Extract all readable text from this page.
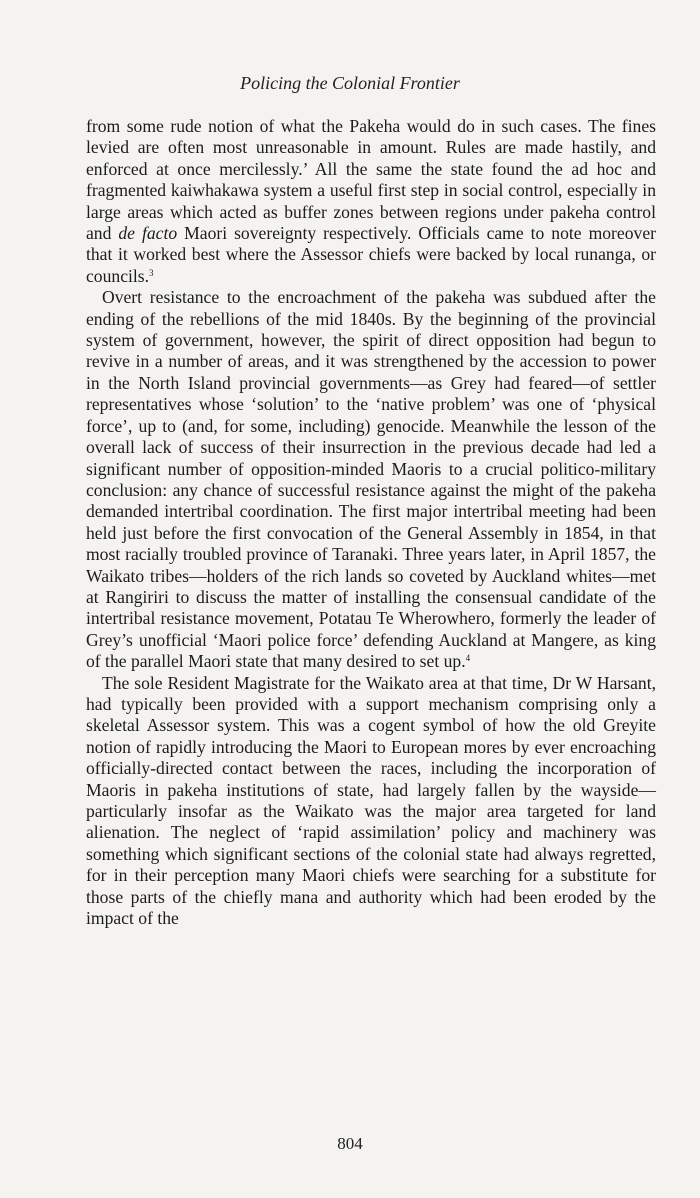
Policing the Colonial Frontier

from some rude notion of what the Pakeha would do in such cases. The fines levied are often most unreasonable in amount. Rules are made hastily, and enforced at once mercilessly.’ All the same the state found the ad hoc and fragmented kaiwhakawa system a useful first step in social control, especially in large areas which acted as buffer zones between regions under pakeha control and de facto Maori sovereignty respectively. Officials came to note moreover that it worked best where the Assessor chiefs were backed by local runanga, or councils.$^3$

Overt resistance to the encroachment of the pakeha was subdued after the ending of the rebellions of the mid 1840s. By the beginning of the provincial system of government, however, the spirit of direct opposition had begun to revive in a number of areas, and it was strengthened by the accession to power in the North Island provincial governments—as Grey had feared—of settler representatives whose ‘solution’ to the ‘native problem’ was one of ‘physical force’, up to (and, for some, including) genocide. Meanwhile the lesson of the overall lack of success of their insurrection in the previous decade had led a significant number of opposition-minded Maoris to a crucial politico-military conclusion: any chance of successful resistance against the might of the pakeha demanded intertribal coordination. The first major intertribal meeting had been held just before the first convocation of the General Assembly in 1854, in that most racially troubled province of Taranaki. Three years later, in April 1857, the Waikato tribes—holders of the rich lands so coveted by Auckland whites—met at Rangiriri to discuss the matter of installing the consensual candidate of the intertribal resistance movement, Potatau Te Wherowhero, formerly the leader of Grey’s unofficial ‘Maori police force’ defending Auckland at Mangere, as king of the parallel Maori state that many desired to set up.$^4$

The sole Resident Magistrate for the Waikato area at that time, Dr W Harsant, had typically been provided with a support mechanism comprising only a skeletal Assessor system. This was a cogent symbol of how the old Greyite notion of rapidly introducing the Maori to European mores by ever encroaching officially-directed contact between the races, including the incorporation of Maoris in pakeha institutions of state, had largely fallen by the wayside—particularly insofar as the Waikato was the major area targeted for land alienation. The neglect of ‘rapid assimilation’ policy and machinery was something which significant sections of the colonial state had always regretted, for in their perception many Maori chiefs were searching for a substitute for those parts of the chiefly mana and authority which had been eroded by the impact of the

804
